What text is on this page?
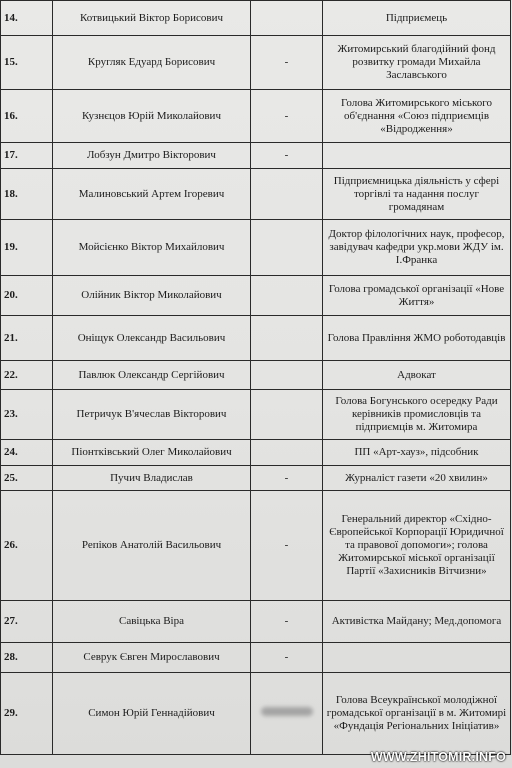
14.	Котвицький Віктор Борисович		Підприємець
15.	Кругляк Едуард Борисович	-	Житомирський благодійний фонд розвитку громади Михайла Заславського
16.	Кузнєцов Юрій Миколайович	-	Голова Житомирського міського об'єднання «Союз підприємців «Відродження»
17.	Лобзун Дмитро Вікторович	-	
18.	Малиновський Артем Ігоревич		Підприємницька діяльність у сфері торгівлі та надання послуг громадянам
19.	Мойсієнко Віктор Михайлович		Доктор філологічних наук, професор, завідувач кафедри укр.мови ЖДУ ім. І.Франка
20.	Олійник Віктор Миколайович		Голова громадської організації «Нове Життя»
21.	Оніщук Олександр Васильович		Голова Правління ЖМО роботодавців
22.	Павлюк Олександр Сергійович		Адвокат
23.	Петричук В'ячеслав Вікторович		Голова Богунського осередку Ради керівників промисловців та підприємців м. Житомира
24.	Піонтківський Олег Миколайович		ПП «Арт-хауз», підсобник
25.	Пучич Владислав	-	Журналіст газети «20 хвилин»
26.	Репіков Анатолій Васильович	-	Генеральний директор «Східно-Європейської Корпорації Юридичної та правової допомоги»; голова Житомирської міської організації Партії «Захисників Вітчизни»
27.	Савіцька Віра	-	Активістка Майдану; Мед.допомога
28.	Севрук Євген Мирославович	-	
29.	Симон Юрій Геннадійович		Голова Всеукраїнської молодіжної громадської організації в м. Житомирі «Фундація Регіональних Ініціатив»
WWW.ZHITOMIR.INFO
